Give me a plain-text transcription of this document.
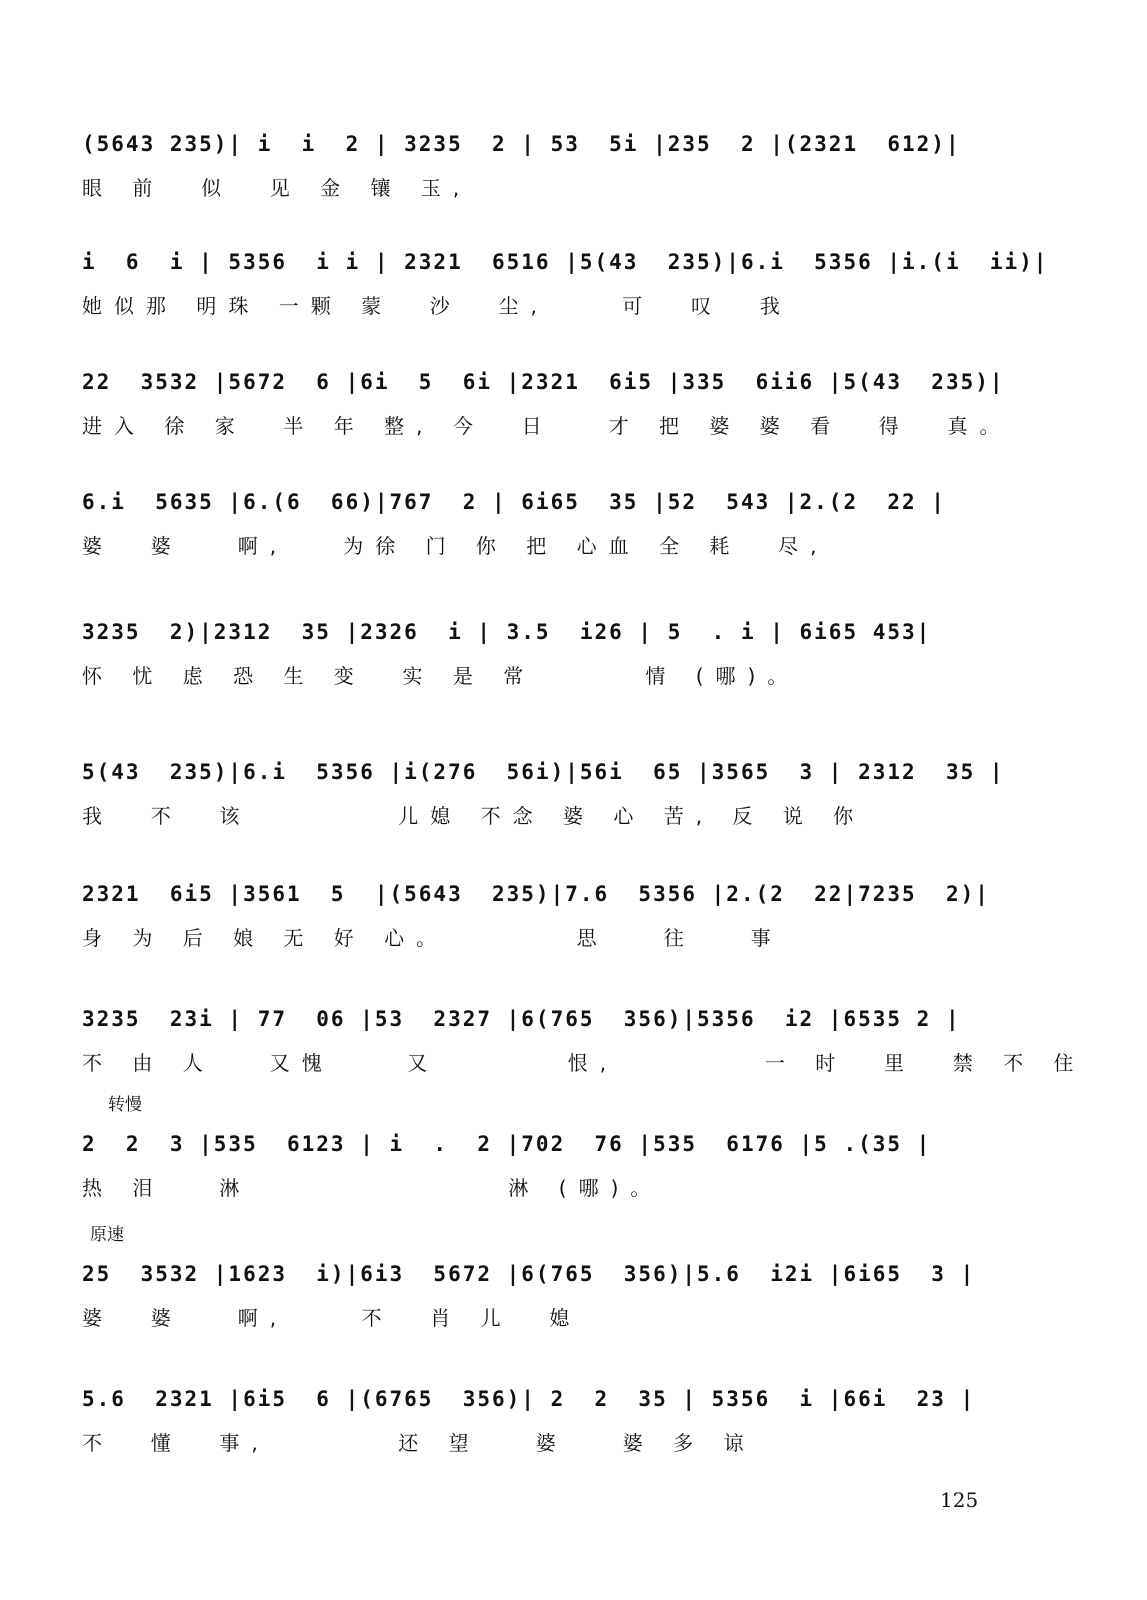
(5643 235)| i  i  2 | 3235  2 | 53  5i |235  2 |(2321  612)|
眼 前  似  见 金 镶 玉,
i  6  i | 5356  i i | 2321  6516 |5(43  235)|6.i  5356 |i.(i  ii)|
她似那 明珠 一颗 蒙  沙  尘,    可  叹  我
22  3532 |5672  6 |6i  5  6i |2321  6i5 |335  6ii6 |5(43  235)|
进入 徐 家  半 年 整, 今  日   才 把 婆 婆 看  得  真。
6.i  5635 |6.(6  66)|767  2 | 6i65  35 |52  543 |2.(2  22 |
婆  婆   啊,   为徐 门 你 把 心血 全 耗  尽,
3235  2)|2312  35 |2326  i | 3.5  i26 | 5  . i | 6i65 453|
怀 忧 虑 恐 生 变  实 是 常      情 (哪)。
5(43  235)|6.i  5356 |i(276  56i)|56i  65 |3565  3 | 2312  35 |
我  不  该        儿媳 不念 婆 心 苦, 反 说 你
2321  6i5 |3561  5  |(5643  235)|7.6  5356 |2.(2  22|7235  2)|
身 为 后 娘 无 好 心。       思   往   事
3235  23i | 77  06 |53  2327 |6(765  356)|5356  i2 |6535 2 |
不 由 人   又愧    又       恨,        一 时  里  禁 不 住
转慢
2  2  3 |535  6123 | i  .  2 |702  76 |535  6176 |5 .(35 |
热 泪   淋              淋 (哪)。
原速
25  3532 |1623  i)|6i3  5672 |6(765  356)|5.6  i2i |6i65  3 |
婆  婆   啊,    不  肖 儿  媳
5.6  2321 |6i5  6 |(6765  356)| 2  2  35 | 5356  i |66i  23 |
不  懂  事,       还 望   婆   婆 多 谅
125
